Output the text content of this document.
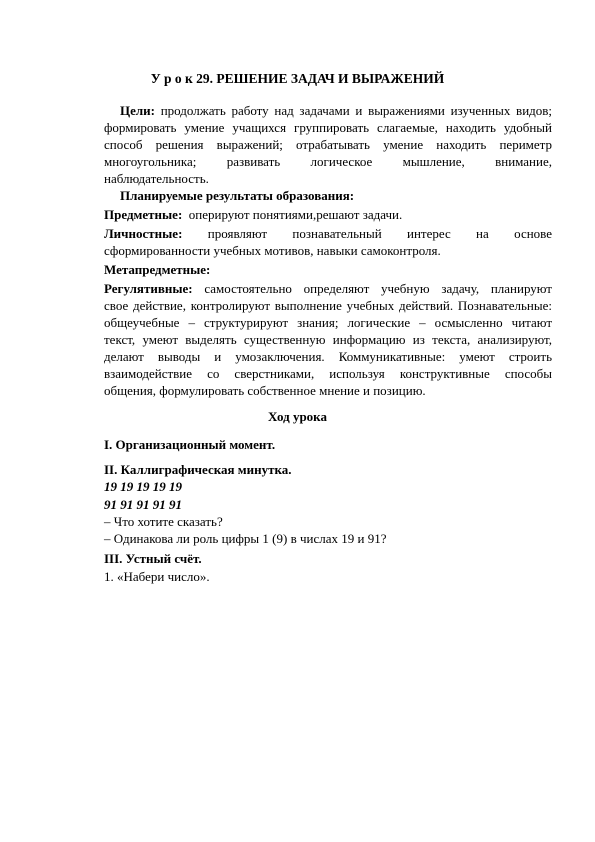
У р о к 29. РЕШЕНИЕ ЗАДАЧ И ВЫРАЖЕНИЙ
Цели: продолжать работу над задачами и выражениями изученных видов;
формировать умение учащихся группировать слагаемые, находить удобный
способ решения выражений; отрабатывать умение находить периметр
многоугольника; развивать логическое мышление, внимание,
наблюдательность.
Планируемые результаты образования:
Предметные: оперируют понятиями,решают задачи.
Личностные: проявляют познавательный интерес на основе
сформированности учебных мотивов, навыки самоконтроля.
Метапредметные:
Регулятивные: самостоятельно определяют учебную задачу, планируют
свое действие, контролируют выполнение учебных действий. Познавательные:
общеучебные – структурируют знания; логические – осмысленно читают
текст, умеют выделять существенную информацию из текста, анализируют,
делают выводы и умозаключения. Коммуникативные: умеют строить
взаимодействие со сверстниками, используя конструктивные способы
общения, формулировать собственное мнение и позицию.
Ход урока
I. Организационный момент.
II. Каллиграфическая минутка.
19 19 19 19 19
91 91 91 91 91
– Что хотите сказать?
– Одинакова ли роль цифры 1 (9) в числах 19 и 91?
III. Устный счёт.
1. «Набери число».
